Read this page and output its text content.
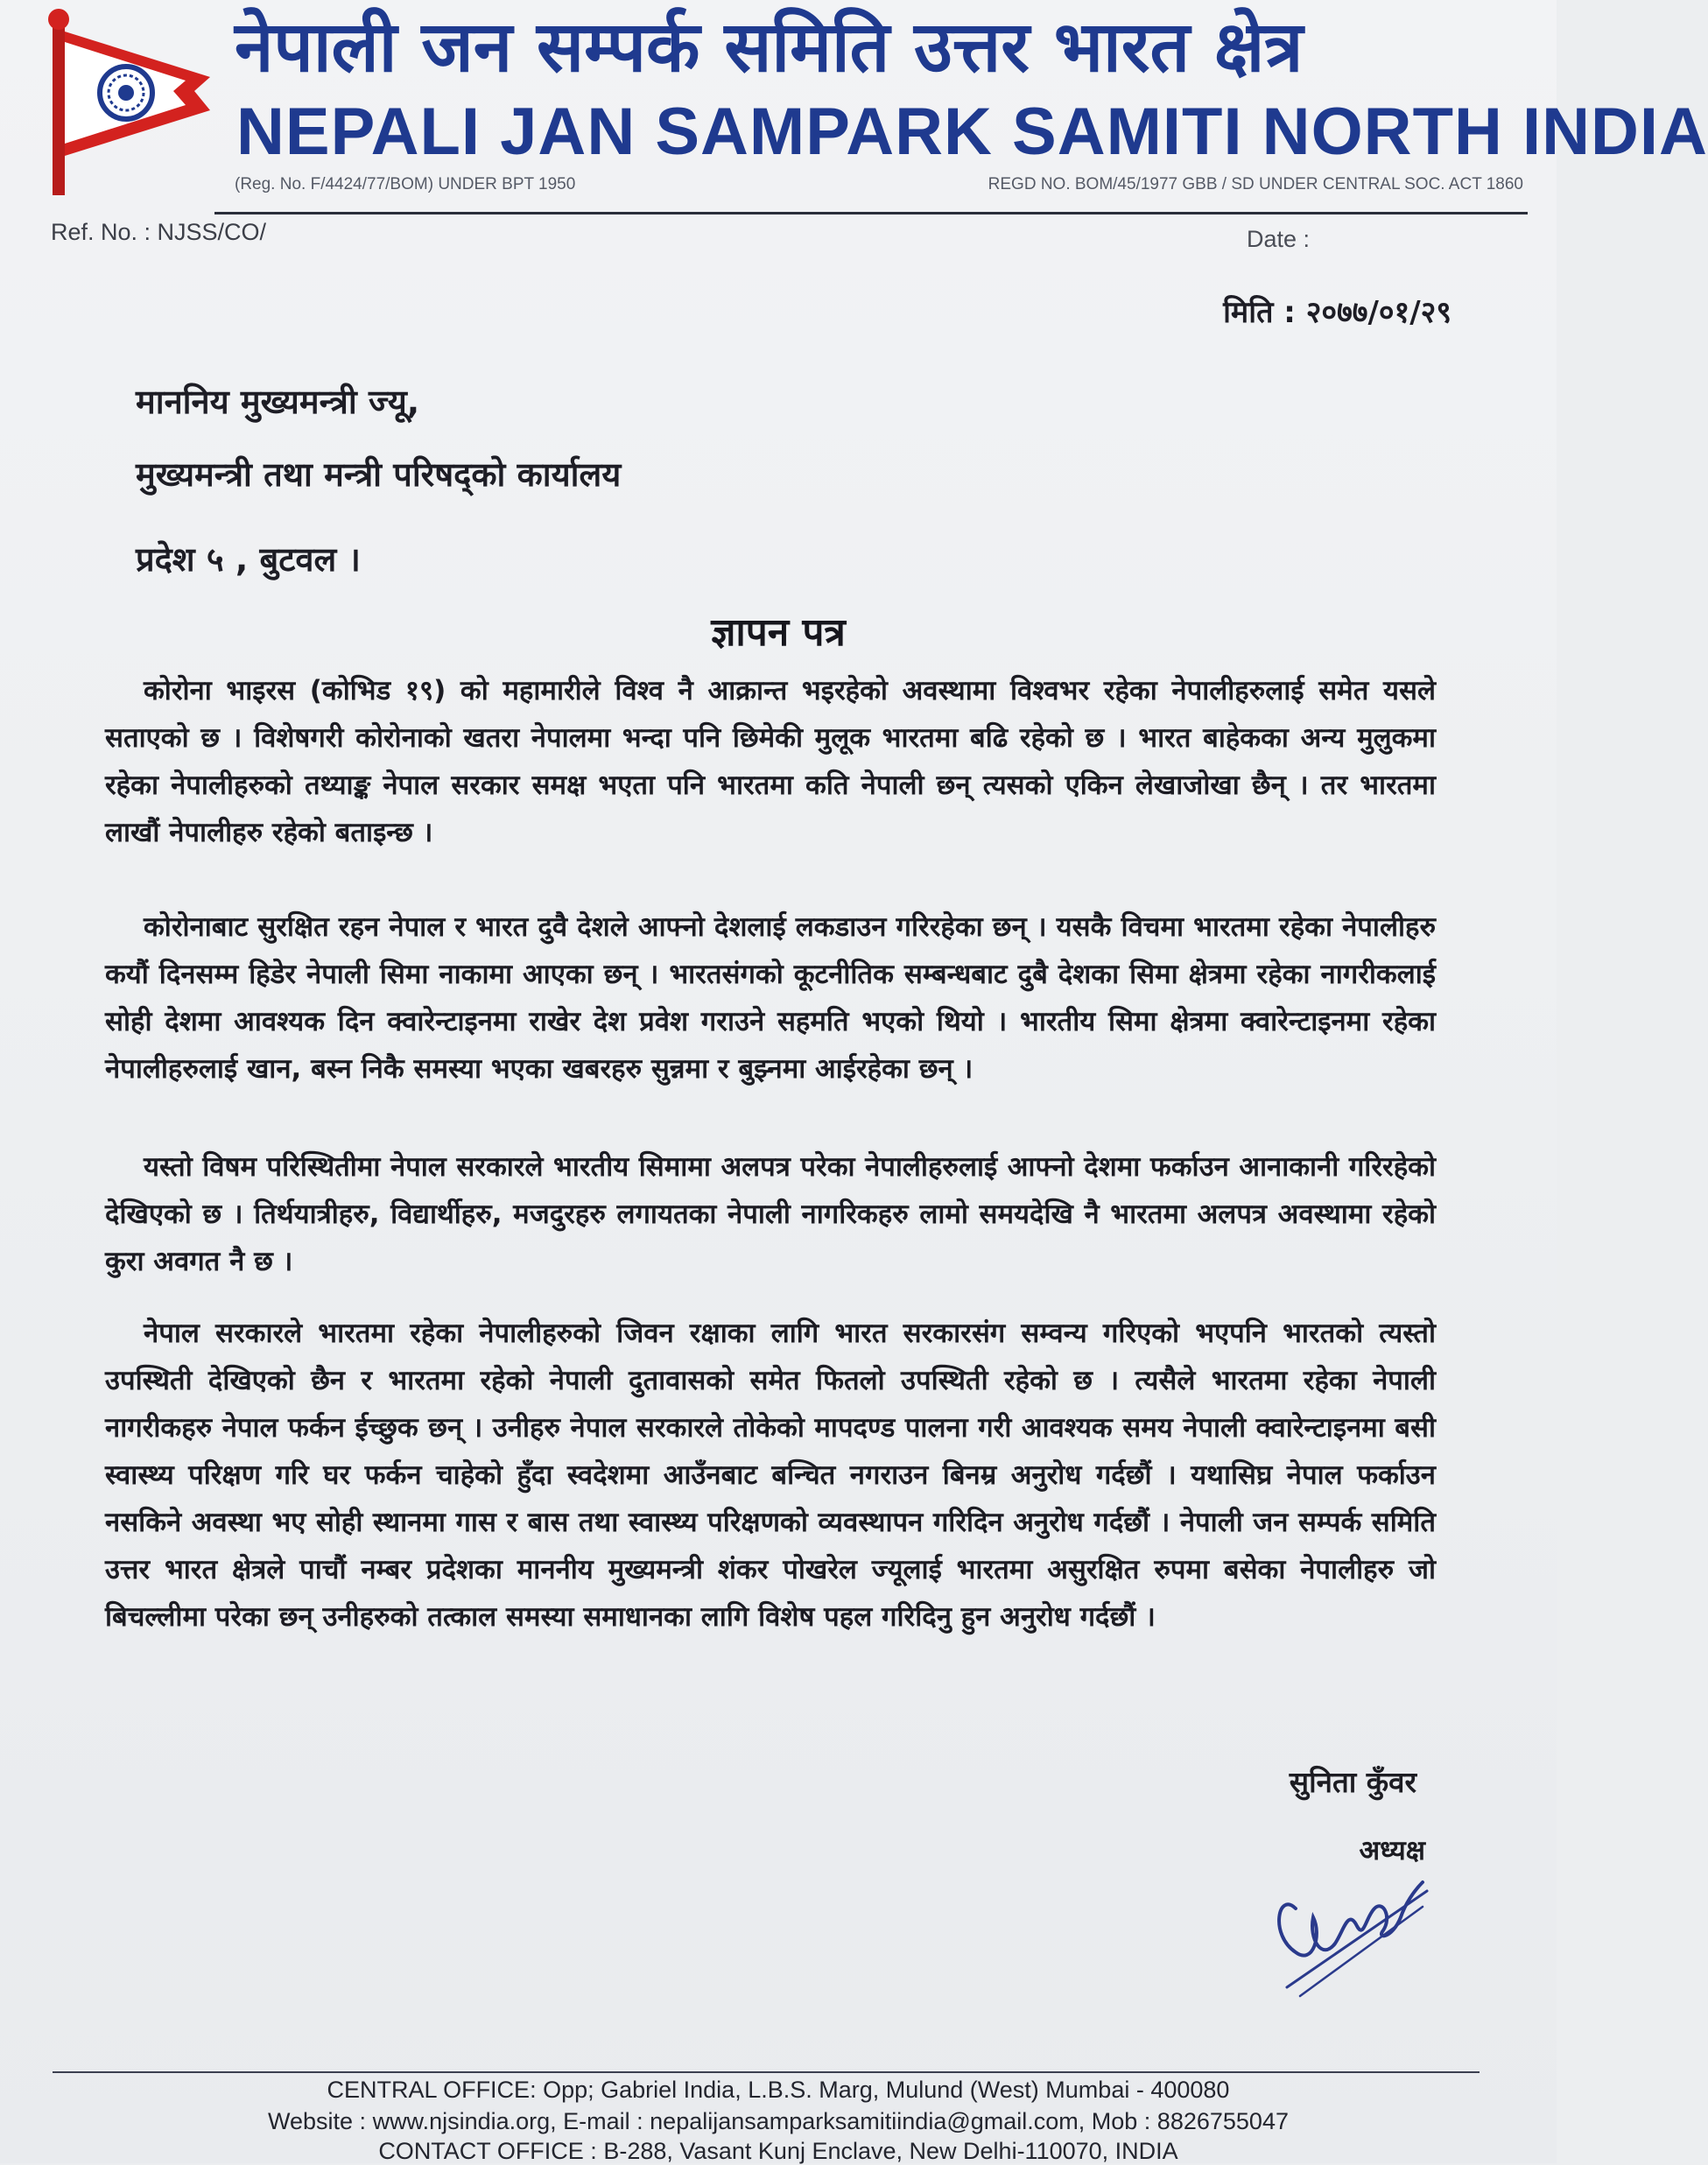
नेपाली जन सम्पर्क समिति उत्तर भारत क्षेत्र
NEPALI JAN SAMPARK SAMITI NORTH INDIA
(Reg. No. F/4424/77/BOM) UNDER BPT 1950	REGD NO. BOM/45/1977 GBB / SD UNDER CENTRAL SOC. ACT 1860
Ref. No. : NJSS/CO/	Date :
मिति : २०७७/०१/२९
माननिय मुख्यमन्त्री ज्यू,
मुख्यमन्त्री तथा मन्त्री परिषद्को कार्यालय
प्रदेश ५ , बुटवल ।
ज्ञापन पत्र

कोरोना भाइरस (कोभिड १९) को महामारीले विश्व नै आक्रान्त भइरहेको अवस्थामा विश्वभर रहेका नेपालीहरुलाई समेत यसले सताएको छ । विशेषगरी कोरोनाको खतरा नेपालमा भन्दा पनि छिमेकी मुलूक भारतमा बढि रहेको छ । भारत बाहेकका अन्य मुलुकमा रहेका नेपालीहरुको तथ्याङ्क नेपाल सरकार समक्ष भएता पनि भारतमा कति नेपाली छन् त्यसको एकिन लेखाजोखा छैन् । तर भारतमा लाखौं नेपालीहरु रहेको बताइन्छ ।

कोरोनाबाट सुरक्षित रहन नेपाल र भारत दुवै देशले आफ्नो देशलाई लकडाउन गरिरहेका छन् । यसकै विचमा भारतमा रहेका नेपालीहरु कयौं दिनसम्म हिडेर नेपाली सिमा नाकामा आएका छन् । भारतसंगको कूटनीतिक सम्बन्धबाट दुबै देशका सिमा क्षेत्रमा रहेका नागरीकलाई सोही देशमा आवश्यक दिन क्वारेन्टाइनमा राखेर देश प्रवेश गराउने सहमति भएको थियो । भारतीय सिमा क्षेत्रमा क्वारेन्टाइनमा रहेका नेपालीहरुलाई खान, बस्न निकै समस्या भएका खबरहरु सुन्नमा र बुझ्नमा आईरहेका छन् ।

यस्तो विषम परिस्थितीमा नेपाल सरकारले भारतीय सिमामा अलपत्र परेका नेपालीहरुलाई आफ्नो देशमा फर्काउन आनाकानी गरिरहेको देखिएको छ । तिर्थयात्रीहरु, विद्यार्थीहरु, मजदुरहरु लगायतका नेपाली नागरिकहरु लामो समयदेखि नै भारतमा अलपत्र अवस्थामा रहेको कुरा अवगत नै छ ।

नेपाल सरकारले भारतमा रहेका नेपालीहरुको जिवन रक्षाका लागि भारत सरकारसंग सम्वन्य गरिएको भएपनि भारतको त्यस्तो उपस्थिती देखिएको छैन र भारतमा रहेको नेपाली दुतावासको समेत फितलो उपस्थिती रहेको छ । त्यसैले भारतमा रहेका नेपाली नागरीकहरु नेपाल फर्कन ईच्छुक छन् । उनीहरु नेपाल सरकारले तोकेको मापदण्ड पालना गरी आवश्यक समय नेपाली क्वारेन्टाइनमा बसी स्वास्थ्य परिक्षण गरि घर फर्कन चाहेको हुँदा स्वदेशमा आउँनबाट बन्चित नगराउन बिनम्र अनुरोध गर्दछौं । यथासिघ्र नेपाल फर्काउन नसकिने अवस्था भए सोही स्थानमा गास र बास तथा स्वास्थ्य परिक्षणको व्यवस्थापन गरिदिन अनुरोध गर्दछौं । नेपाली जन सम्पर्क समिति उत्तर भारत क्षेत्रले पाचौं नम्बर प्रदेशका माननीय मुख्यमन्त्री शंकर पोखरेल ज्यूलाई भारतमा असुरक्षित रुपमा बसेका नेपालीहरु जो बिचल्लीमा परेका छन् उनीहरुको तत्काल समस्या समाधानका लागि विशेष पहल गरिदिनु हुन अनुरोध गर्दछौं ।

सुनिता कुँवर
अध्यक्ष
CENTRAL OFFICE: Opp; Gabriel India, L.B.S. Marg, Mulund (West) Mumbai - 400080
Website : www.njsindia.org, E-mail : nepalijansamparksamitiindia@gmail.com, Mob : 8826755047
CONTACT OFFICE : B-288, Vasant Kunj Enclave, New Delhi-110070, INDIA
